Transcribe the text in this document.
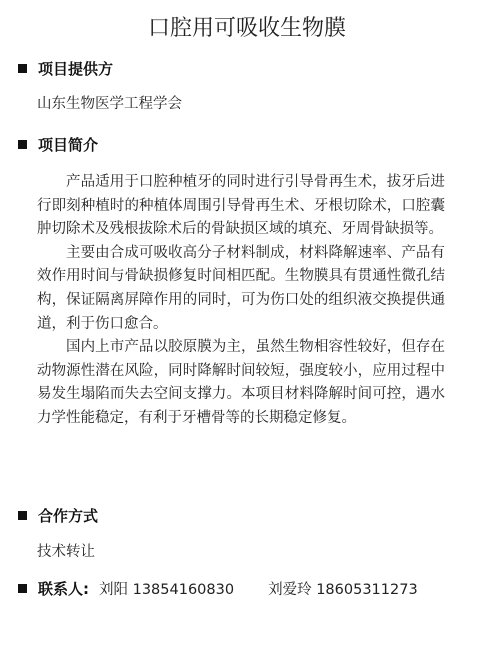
口腔用可吸收生物膜
项目提供方
山东生物医学工程学会
项目简介

产品适用于口腔种植牙的同时进行引导骨再生术，拔牙后进行即刻种植时的种植体周围引导骨再生术、牙根切除术，口腔囊肿切除术及残根拔除术后的骨缺损区域的填充、牙周骨缺损等。

主要由合成可吸收高分子材料制成，材料降解速率、产品有效作用时间与骨缺损修复时间相匹配。生物膜具有贯通性微孔结构，保证隔离屏障作用的同时，可为伤口处的组织液交换提供通道，利于伤口愈合。

国内上市产品以胶原膜为主，虽然生物相容性较好，但存在动物源性潜在风险，同时降解时间较短，强度较小，应用过程中易发生塌陷而失去空间支撑力。本项目材料降解时间可控，遇水力学性能稳定，有利于牙槽骨等的长期稳定修复。

合作方式
技术转让
联系人: 刘阳 13854160830 刘爱玲 18605311273
